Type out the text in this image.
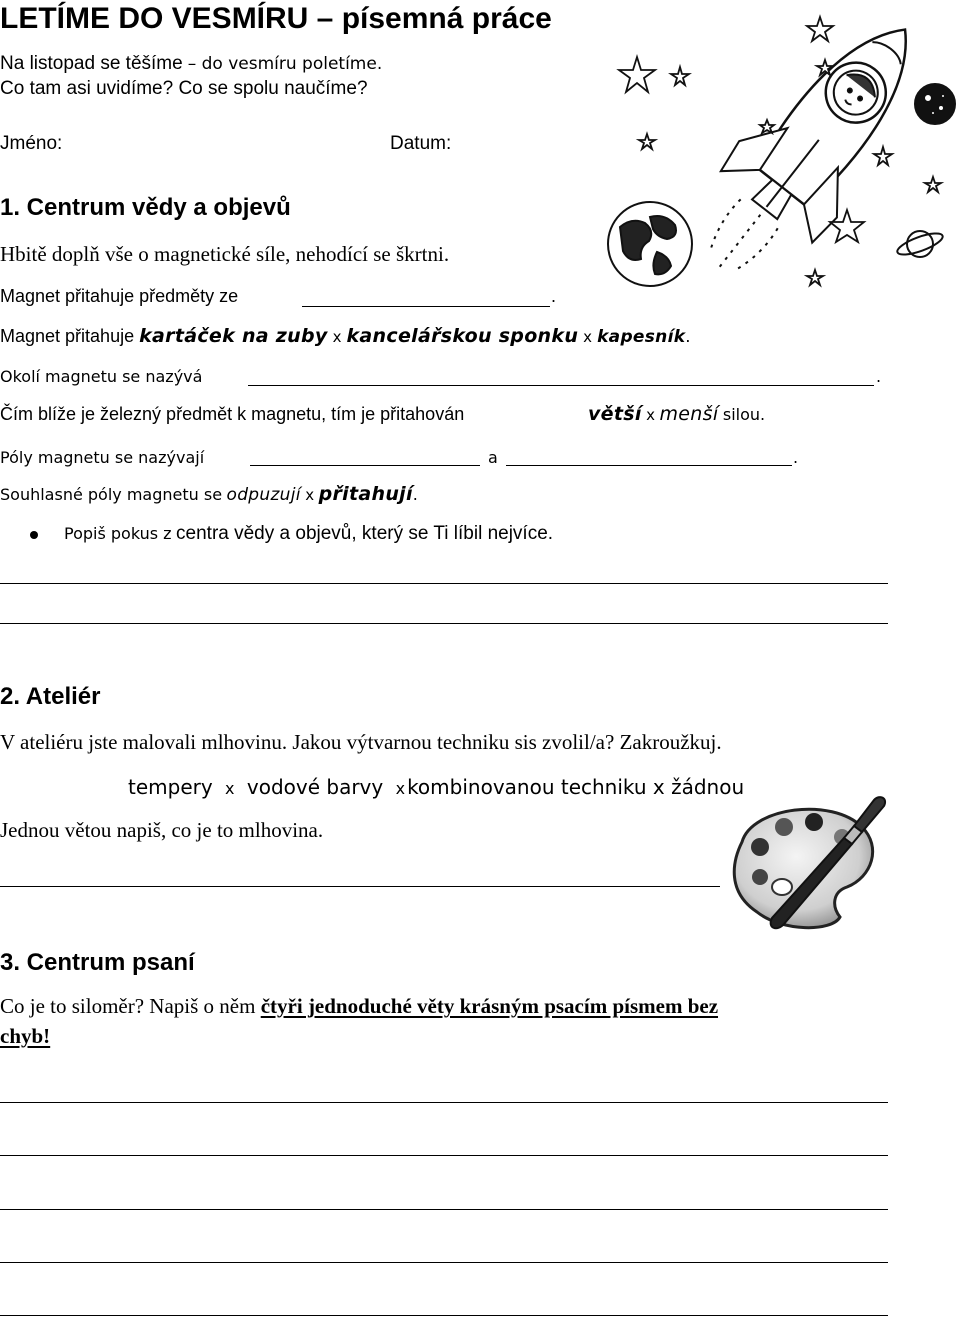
LETÍME DO VESMÍRU – písemná práce
Na listopad se těšíme – do vesmíru poletíme.
Co tam asi uvidíme? Co se spolu naučíme?
Jméno:	Datum:
1. Centrum vědy a objevů
Hbitě doplň vše o magnetické síle, nehodící se škrtni.
Magnet přitahuje předměty ze	.
Magnet přitahuje kartáček na zuby x kancelářskou sponku x kapesník.
Okolí magnetu se nazývá	.
Čím blíže je železný předmět k magnetu, tím je přitahován	větší x menší silou.
Póly magnetu se nazývají	a	.
Souhlasné póly magnetu se odpuzují x přitahují.
Popiš pokus z centra vědy a objevů, který se Ti líbil nejvíce.
2. Ateliér
V ateliéru jste malovali mlhovinu. Jakou výtvarnou techniku sis zvolil/a? Zakroužkuj.
tempery x vodové barvy x kombinovanou techniku x žádnou
Jednou větou napiš, co je to mlhovina.
3. Centrum psaní
Co je to siloměr? Napiš o něm čtyři jednoduché věty krásným psacím písmem bez
chyb!
